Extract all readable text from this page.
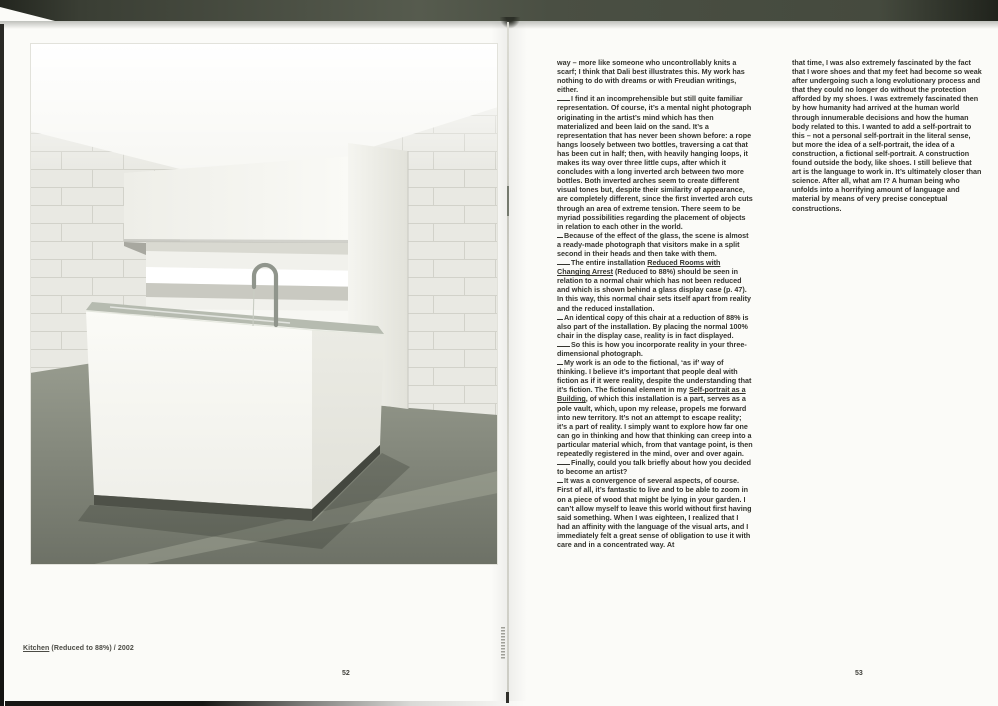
Kitchen (Reduced to 88%) / 2002
52	53

way – more like someone who uncontrollably knits a scarf; I think that Dali best illustrates this. My work has nothing to do with dreams or with Freudian writings, either.

I find it an incomprehensible but still quite familiar representation. Of course, it’s a mental night photograph originating in the artist’s mind which has then materialized and been laid on the sand. It’s a representation that has never been shown before: a rope hangs loosely between two bottles, traversing a cat that has been cut in half; then, with heavily hanging loops, it makes its way over three little cups, after which it concludes with a long inverted arch between two more bottles. Both inverted arches seem to create different visual tones but, despite their similarity of appearance, are completely different, since the first inverted arch cuts through an area of extreme tension. There seem to be myriad possibilities regarding the placement of objects in relation to each other in the world.

Because of the effect of the glass, the scene is almost a ready-made photograph that visitors make in a split second in their heads and then take with them.

The entire installation Reduced Rooms with Changing Arrest (Reduced to 88%) should be seen in relation to a normal chair which has not been reduced and which is shown behind a glass display case (p. 47). In this way, this normal chair sets itself apart from reality and the reduced installation.

An identical copy of this chair at a reduction of 88% is also part of the installation. By placing the normal 100% chair in the display case, reality is in fact displayed.

So this is how you incorporate reality in your three-dimensional photograph.

My work is an ode to the fictional, ‘as if’ way of thinking. I believe it’s important that people deal with fiction as if it were reality, despite the understanding that it’s fiction. The fictional element in my Self-portrait as a Building, of which this installation is a part, serves as a pole vault, which, upon my release, propels me forward into new territory. It’s not an attempt to escape reality; it’s a part of reality. I simply want to explore how far one can go in thinking and how that thinking can creep into a particular material which, from that vantage point, is then repeatedly registered in the mind, over and over again.

Finally, could you talk briefly about how you decided to become an artist?

It was a convergence of several aspects, of course. First of all, it’s fantastic to live and to be able to zoom in on a piece of wood that might be lying in your garden. I can’t allow myself to leave this world without first having said something. When I was eighteen, I realized that I had an affinity with the language of the visual arts, and I immediately felt a great sense of obligation to use it with care and in a concentrated way. At

that time, I was also extremely fascinated by the fact that I wore shoes and that my feet had become so weak after undergoing such a long evolutionary process and that they could no longer do without the protection afforded by my shoes. I was extremely fascinated then by how humanity had arrived at the human world through innumerable decisions and how the human body related to this. I wanted to add a self-portrait to this – not a personal self-portrait in the literal sense, but more the idea of a self-portrait, the idea of a construction, a fictional self-portrait. A construction found outside the body, like shoes. I still believe that art is the language to work in. It’s ultimately closer than science. After all, what am I? A human being who unfolds into a horrifying amount of language and material by means of very precise conceptual constructions.
